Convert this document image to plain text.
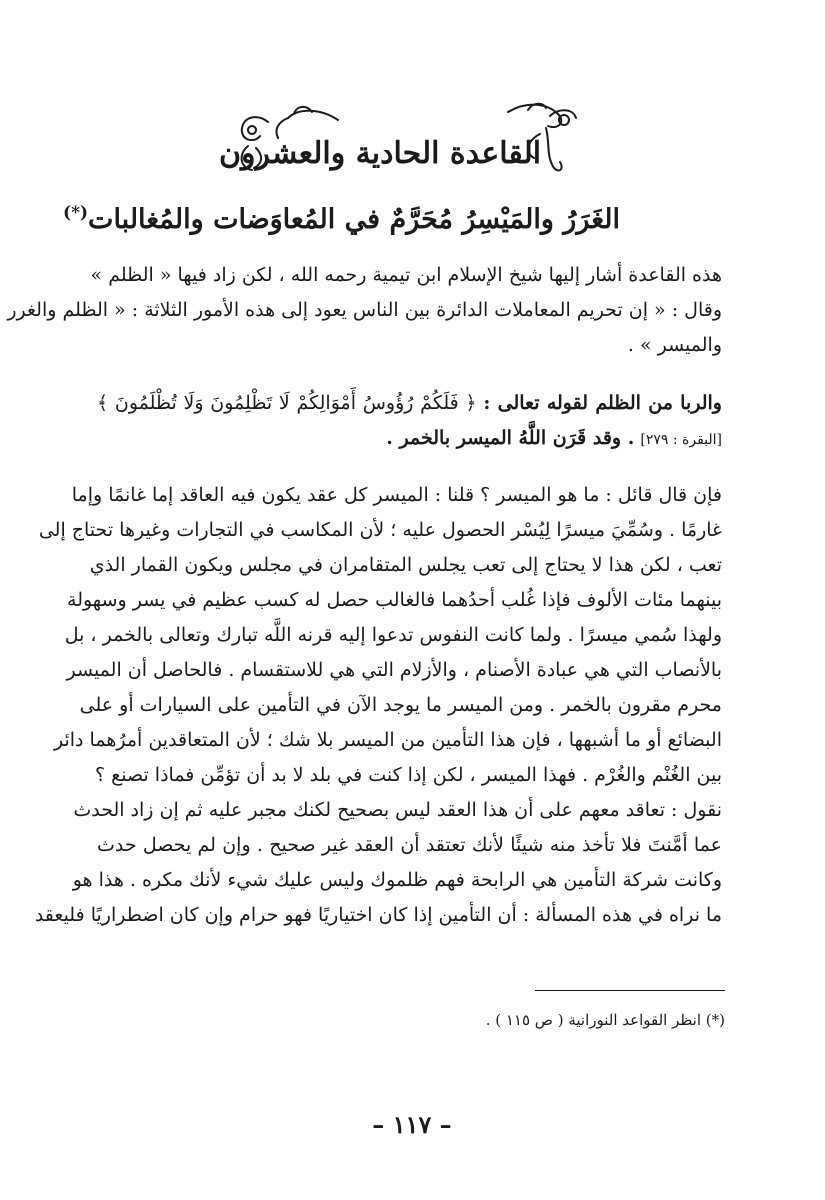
القاعدة الحادية والعشرون
الغَرَرُ والمَيْسِرُ مُحَرَّمٌ في المُعاوَضات والمُغالبات(*)
هذه القاعدة أشار إليها شيخ الإسلام ابن تيمية رحمه الله ، لكن زاد فيها « الظلم »
وقال : « إن تحريم المعاملات الدائرة بين الناس يعود إلى هذه الأمور الثلاثة : « الظلم والغرر
والميسر » .
والربا من الظلم لقوله تعالى : ﴿ فَلَكُمْ رُؤُوسُ أَمْوَالِكُمْ لَا تَظْلِمُونَ وَلَا تُظْلَمُونَ ﴾
[البقرة : ٢٧٩] . وقد قَرَن اللَّهُ الميسر بالخمر .
فإن قال قائل : ما هو الميسر ؟ قلنا : الميسر كل عقد يكون فيه العاقد إما غانمًا وإما
غارمًا . وسُمِّيَ ميسرًا لِيُسْر الحصول عليه ؛ لأن المكاسب في التجارات وغيرها تحتاج إلى
تعب ، لكن هذا لا يحتاج إلى تعب يجلس المتقامران في مجلس ويكون القمار الذي
بينهما مئات الألوف فإذا غُلب أحدُهما فالغالب حصل له كسب عظيم في يسر وسهولة
ولهذا سُمي ميسرًا . ولما كانت النفوس تدعوا إليه قرنه اللَّه تبارك وتعالى بالخمر ، بل
بالأنصاب التي هي عبادة الأصنام ، والأزلام التي هي للاستقسام . فالحاصل أن الميسر
محرم مقرون بالخمر . ومن الميسر ما يوجد الآن في التأمين على السيارات أو على
البضائع أو ما أشبهها ، فإن هذا التأمين من الميسر بلا شك ؛ لأن المتعاقدين أمرُهما دائر
بين الغُنْم والغُرْم . فهذا الميسر ، لكن إذا كنت في بلد لا بد أن تؤمِّن فماذا تصنع ؟
نقول : تعاقد معهم على أن هذا العقد ليس بصحيح لكنك مجبر عليه ثم إن زاد الحدث
عما أمَّنتَ فلا تأخذ منه شيئًا لأنك تعتقد أن العقد غير صحيح . وإن لم يحصل حدث
وكانت شركة التأمين هي الرابحة فهم ظلموك وليس عليك شيء لأنك مكره . هذا هو
ما نراه في هذه المسألة : أن التأمين إذا كان اختياريًا فهو حرام وإن كان اضطراريًا فليعقد
(*) انظر القواعد النورانية ( ص ١١٥ ) .
– ١١٧ –
